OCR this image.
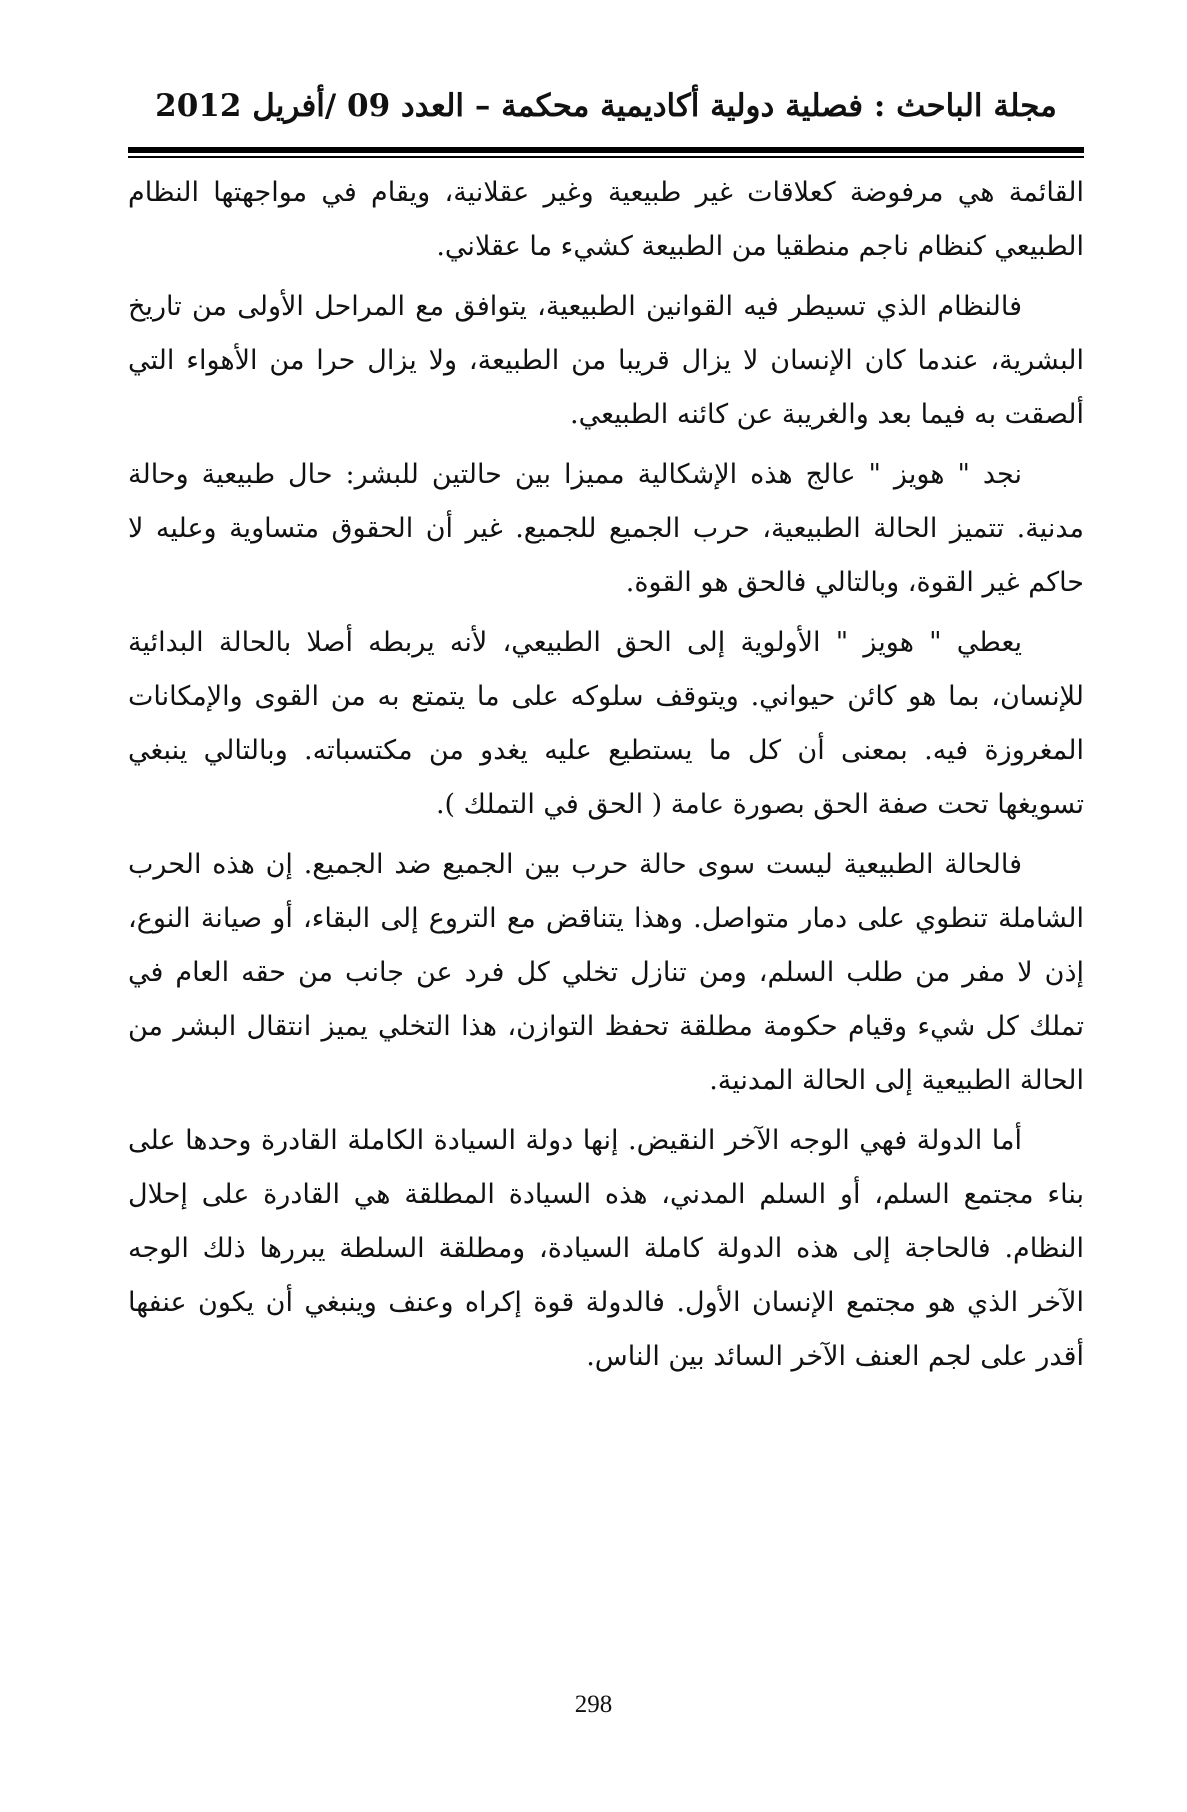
مجلة الباحث : فصلية دولية أكاديمية محكمة – العدد 09 /أفريل 2012

القائمة هي مرفوضة كعلاقات غير طبيعية وغير عقلانية، ويقام في مواجهتها النظام الطبيعي كنظام ناجم منطقيا من الطبيعة كشيء ما عقلاني.

فالنظام الذي تسيطر فيه القوانين الطبيعية، يتوافق مع المراحل الأولى من تاريخ البشرية، عندما كان الإنسان لا يزال قريبا من الطبيعة، ولا يزال حرا من الأهواء التي ألصقت به فيما بعد والغريبة عن كائنه الطبيعي.

نجد " هويز " عالج هذه الإشكالية مميزا بين حالتين للبشر: حال طبيعية وحالة مدنية. تتميز الحالة الطبيعية، حرب الجميع للجميع. غير أن الحقوق متساوية وعليه لا حاكم غير القوة، وبالتالي فالحق هو القوة.

يعطي " هويز " الأولوية إلى الحق الطبيعي، لأنه يربطه أصلا بالحالة البدائية للإنسان، بما هو كائن حيواني. ويتوقف سلوكه على ما يتمتع به من القوى والإمكانات المغروزة فيه. بمعنى أن كل ما يستطيع عليه يغدو من مكتسباته. وبالتالي ينبغي تسويغها تحت صفة الحق بصورة عامة ( الحق في التملك ).

فالحالة الطبيعية ليست سوى حالة حرب بين الجميع ضد الجميع. إن هذه الحرب الشاملة تنطوي على دمار متواصل. وهذا يتناقض مع التروع إلى البقاء، أو صيانة النوع، إذن لا مفر من طلب السلم، ومن تنازل تخلي كل فرد عن جانب من حقه العام في تملك كل شيء وقيام حكومة مطلقة تحفظ التوازن، هذا التخلي يميز انتقال البشر من الحالة الطبيعية إلى الحالة المدنية.

أما الدولة فهي الوجه الآخر النقيض. إنها دولة السيادة الكاملة القادرة وحدها على بناء مجتمع السلم، أو السلم المدني، هذه السيادة المطلقة هي القادرة على إحلال النظام. فالحاجة إلى هذه الدولة كاملة السيادة، ومطلقة السلطة يبررها ذلك الوجه الآخر الذي هو مجتمع الإنسان الأول. فالدولة قوة إكراه وعنف وينبغي أن يكون عنفها أقدر على لجم العنف الآخر السائد بين الناس.

298
